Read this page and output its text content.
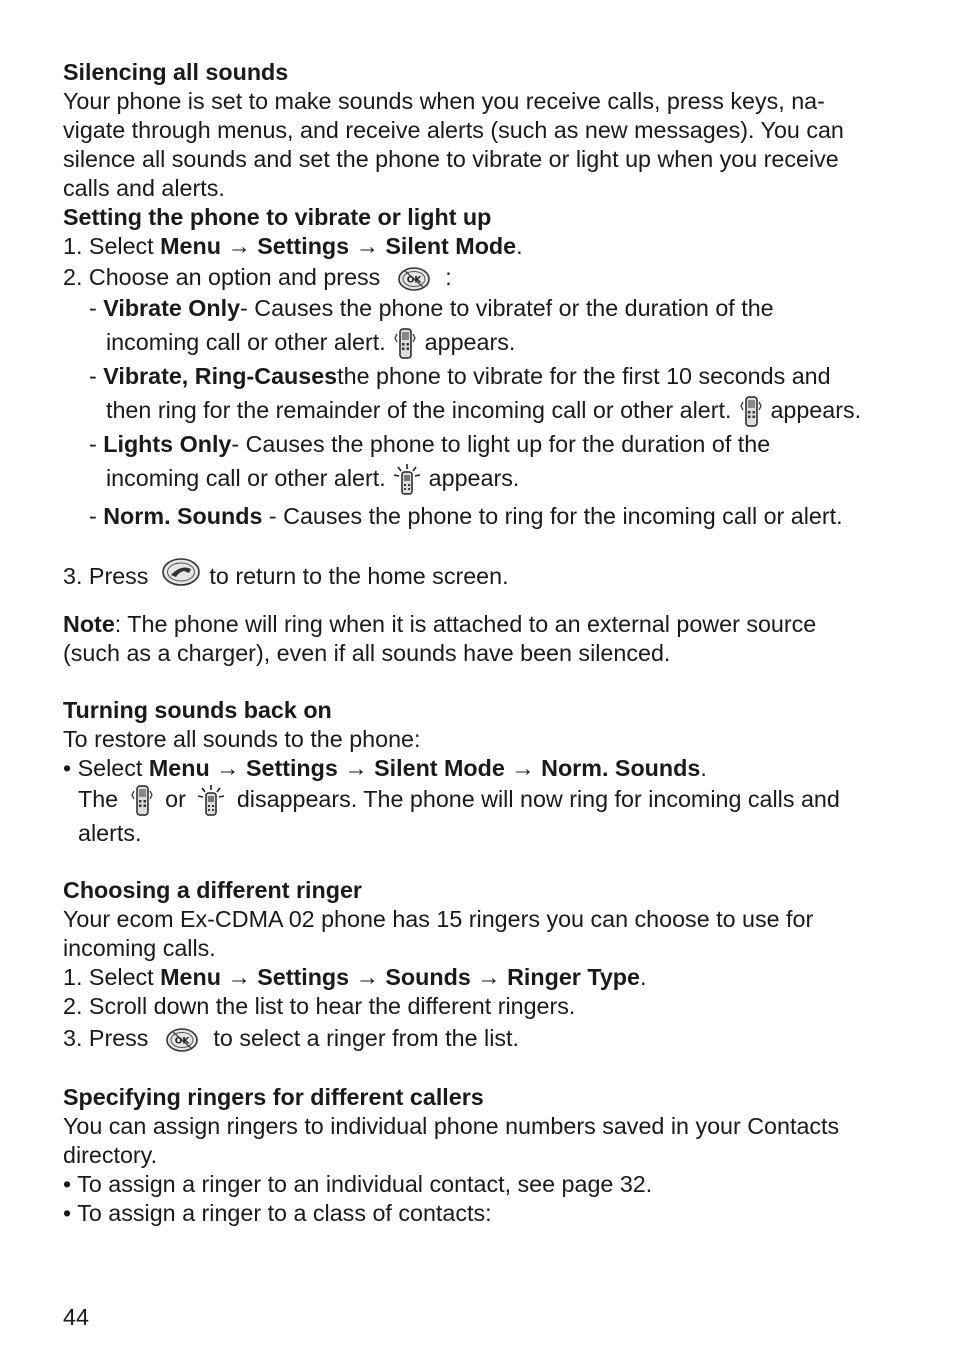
Silencing all sounds
Your phone is set to make sounds when you receive calls, press keys, na-
vigate through menus, and receive alerts (such as new messages). You can
silence all sounds and set the phone to vibrate or light up when you receive
calls and alerts.
Setting the phone to vibrate or light up
1. Select Menu → Settings → Silent Mode.
2. Choose an option and press	OK :
- Vibrate Only- Causes the phone to vibratef or the duration of the
incoming call or other alert. appears.
- Vibrate, Ring-Causesthe phone to vibrate for the first 10 seconds and
then ring for the remainder of the incoming call or other alert. appears.
- Lights Only- Causes the phone to light up for the duration of the
incoming call or other alert. appears.
- Norm. Sounds - Causes the phone to ring for the incoming call or alert.
3. Press	to return to the home screen.
Note: The phone will ring when it is attached to an external power source
(such as a charger), even if all sounds have been silenced.
Turning sounds back on
To restore all sounds to the phone:
• Select Menu → Settings → Silent Mode → Norm. Sounds.
The or disappears. The phone will now ring for incoming calls and
alerts.
Choosing a different ringer
Your ecom Ex-CDMA 02 phone has 15 ringers you can choose to use for
incoming calls.
1. Select Menu → Settings → Sounds → Ringer Type.
2. Scroll down the list to hear the different ringers.
3. Press	OK to select a ringer from the list.
Specifying ringers for different callers
You can assign ringers to individual phone numbers saved in your Contacts
directory.
• To assign a ringer to an individual contact, see page 32.
• To assign a ringer to a class of contacts:
44
